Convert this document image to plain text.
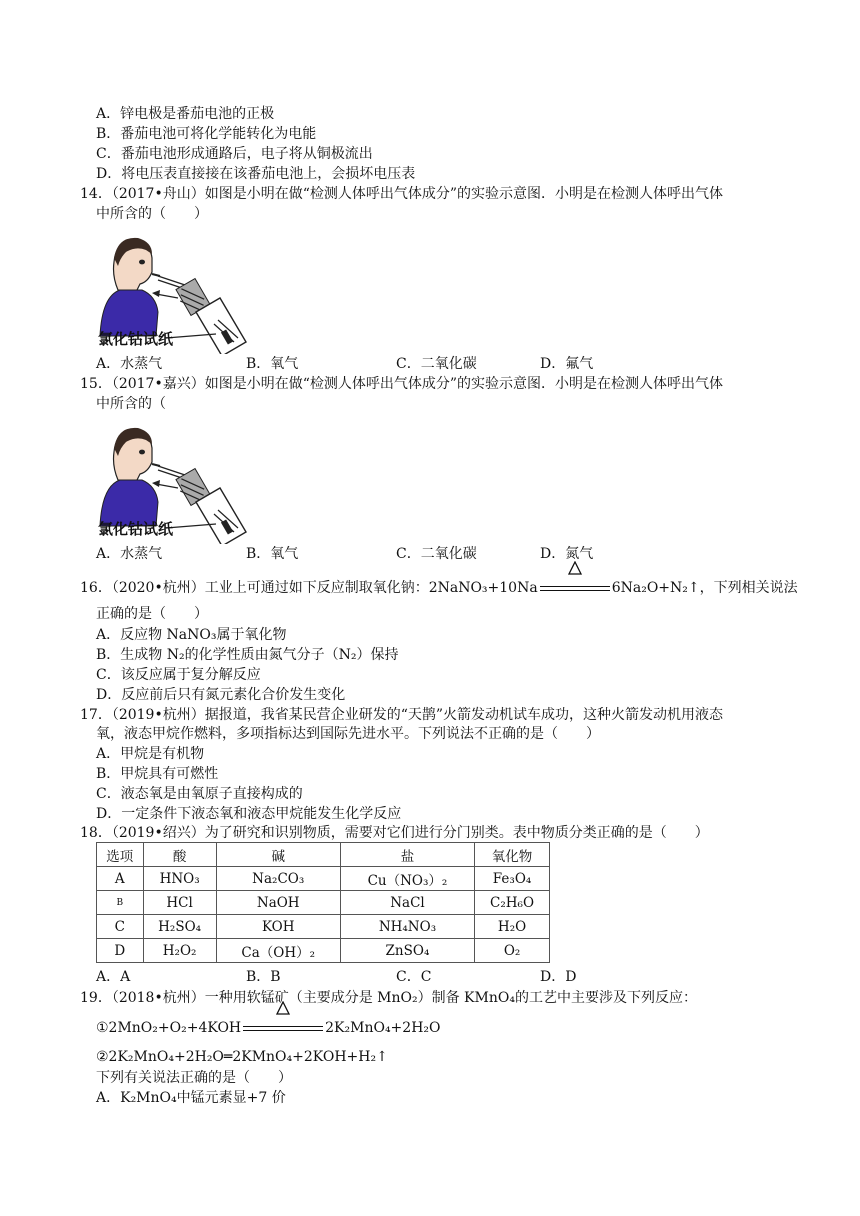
A．锌电极是番茄电池的正极
B．番茄电池可将化学能转化为电能
C．番茄电池形成通路后，电子将从铜极流出
D．将电压表直接接在该番茄电池上，会损坏电压表
14．（2017•舟山）如图是小明在做“检测人体呼出气体成分”的实验示意图．小明是在检测人体呼出气体
中所含的（　　）
氯化钴试纸
A．水蒸气	B．氧气	C．二氧化碳	D．氟气
15．（2017•嘉兴）如图是小明在做“检测人体呼出气体成分”的实验示意图．小明是在检测人体呼出气体
中所含的（
氯化钴试纸
A．水蒸气	B．氧气	C．二氧化碳	D．氮气
16．（2020•杭州）工业上可通过如下反应制取氧化钠：2NaNO₃+10Na	6Na₂O+N₂↑，下列相关说法
正确的是（　　）
A．反应物 NaNO₃属于氧化物
B．生成物 N₂的化学性质由氮气分子（N₂）保持
C．该反应属于复分解反应
D．反应前后只有氮元素化合价发生变化
17．（2019•杭州）据报道，我省某民营企业研发的“天鹊”火箭发动机试车成功，这种火箭发动机用液态
氧，液态甲烷作燃料，多项指标达到国际先进水平。下列说法不正确的是（　　）
A．甲烷是有机物
B．甲烷具有可燃性
C．液态氧是由氧原子直接构成的
D．一定条件下液态氧和液态甲烷能发生化学反应
18．（2019•绍兴）为了研究和识别物质，需要对它们进行分门别类。表中物质分类正确的是（　　）
选项	酸	碱	盐	氧化物
A	HNO₃	Na₂CO₃	Cu（NO₃）₂	Fe₃O₄
B	HCl	NaOH	NaCl	C₂H₆O
C	H₂SO₄	KOH	NH₄NO₃	H₂O
D	H₂O₂	Ca（OH）₂	ZnSO₄	O₂
A．A	B．B	C．C	D．D
19．（2018•杭州）一种用软锰矿（主要成分是 MnO₂）制备 KMnO₄的工艺中主要涉及下列反应：
①2MnO₂+O₂+4KOH	2K₂MnO₄+2H₂O
②2K₂MnO₄+2H₂O═2KMnO₄+2KOH+H₂↑
下列有关说法正确的是（　　）
A．K₂MnO₄中锰元素显+7 价
